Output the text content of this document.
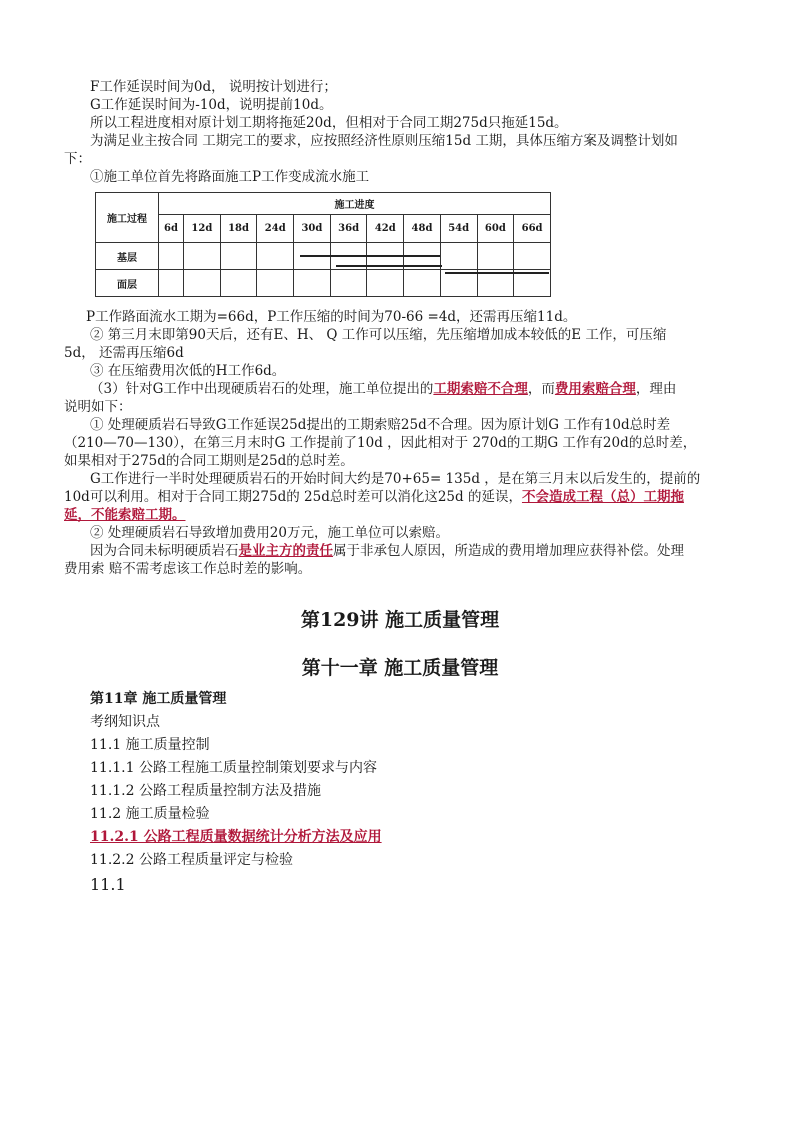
F工作延误时间为0d， 说明按计划进行；
G工作延误时间为-10d，说明提前10d。
所以工程进度相对原计划工期将拖延20d，但相对于合同工期275d只拖延15d。
为满足业主按合同 工期完工的要求，应按照经济性原则压缩15d 工期，具体压缩方案及调整计划如
下：
①施工单位首先将路面施工P工作变成流水施工
施工过程	施工进度										
	6d	12d	18d	24d	30d	36d	42d	48d	54d	60d	66d
基层											
面层											
P工作路面流水工期为=66d，P工作压缩的时间为70-66 =4d，还需再压缩11d。
② 第三月末即第90天后，还有E、H、 Q 工作可以压缩，先压缩增加成本较低的E 工作，可压缩
5d， 还需再压缩6d
③ 在压缩费用次低的H工作6d。
（3）针对G工作中出现硬质岩石的处理，施工单位提出的工期索赔不合理，而费用索赔合理，理由
说明如下：
① 处理硬质岩石导致G工作延误25d提出的工期索赔25d不合理。因为原计划G 工作有10d总时差
（210—70—130），在第三月末时G 工作提前了10d ，因此相对于 270d的工期G 工作有20d的总时差，
如果相对于275d的合同工期则是25d的总时差。
G工作进行一半时处理硬质岩石的开始时间大约是70+65= 135d ，是在第三月末以后发生的，提前的
10d可以利用。相对于合同工期275d的 25d总时差可以消化这25d 的延误，不会造成工程（总）工期拖
延，不能索赔工期。
② 处理硬质岩石导致增加费用20万元，施工单位可以索赔。
因为合同未标明硬质岩石是业主方的责任属于非承包人原因，所造成的费用增加理应获得补偿。处理
费用索 赔不需考虑该工作总时差的影响。
第129讲 施工质量管理
第十一章 施工质量管理
第11章 施工质量管理
考纲知识点
11.1 施工质量控制
11.1.1 公路工程施工质量控制策划要求与内容
11.1.2 公路工程质量控制方法及措施
11.2 施工质量检验
11.2.1 公路工程质量数据统计分析方法及应用
11.2.2 公路工程质量评定与检验
11.1
